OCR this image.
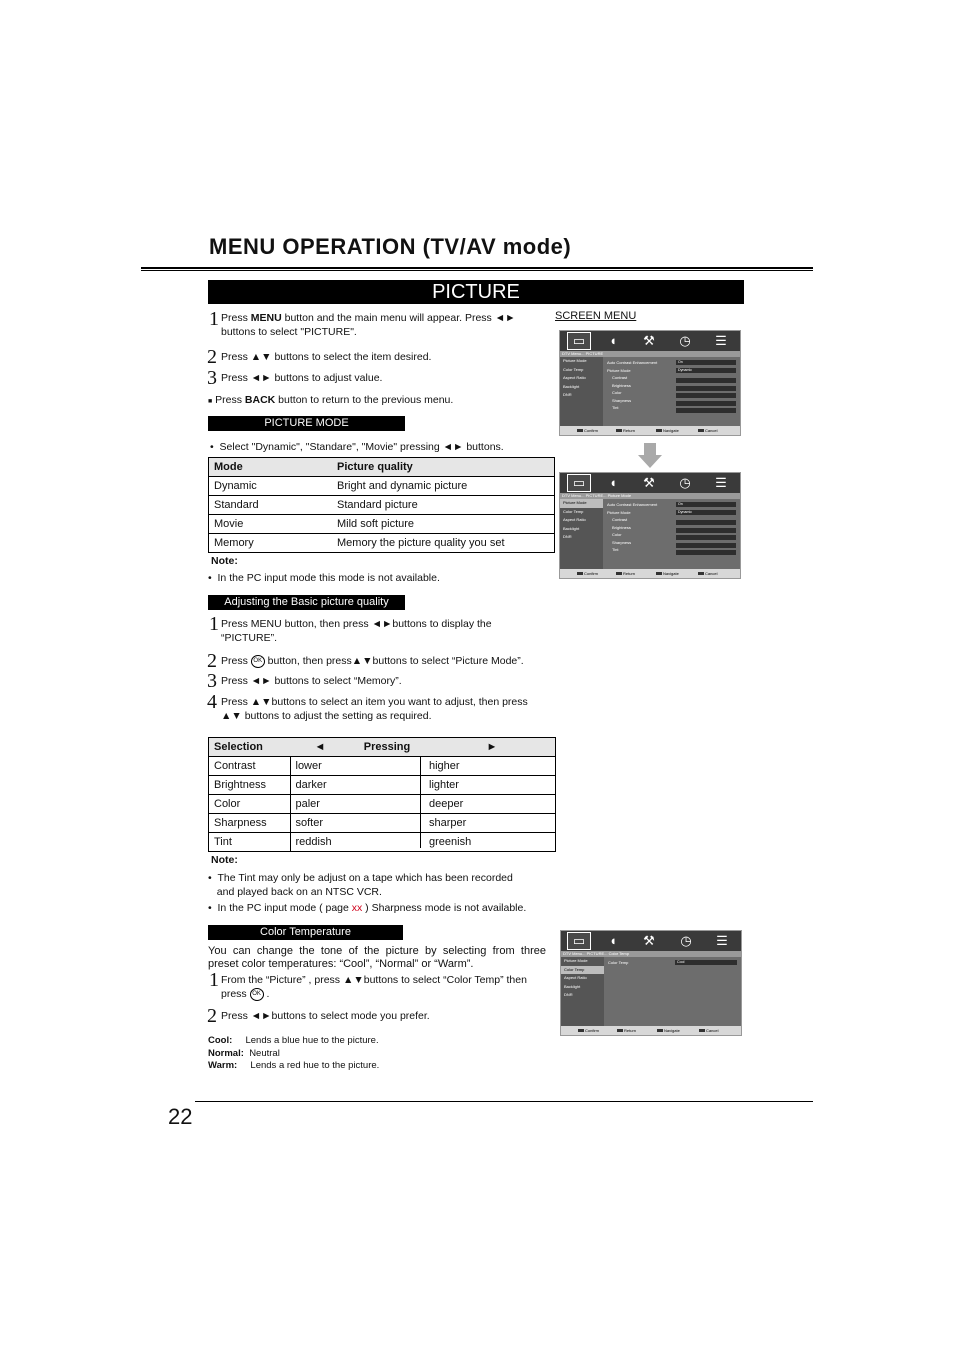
MENU OPERATION (TV/AV mode)
PICTURE
1 Press MENU button and the main menu will appear. Press ◄►
buttons to select "PICTURE".
2 Press ▲▼ buttons to select the item desired.
3 Press ◄► buttons to adjust value.
■ Press BACK button to return to the previous menu.
SCREEN MENU
PICTURE MODE
•  Select "Dynamic", "Standare", "Movie" pressing ◄► buttons.
Mode	Picture quality
Dynamic	Bright and dynamic picture
Standard	Standard picture
Movie	Mild soft picture
Memory	Memory the picture quality you set
Note:
•  In the PC input mode this mode is not available.
Adjusting the Basic picture quality
1 Press MENU button, then press ◄►buttons to display the
“PICTURE”.
2 Press OK button, then press▲▼buttons to select “Picture Mode”.
3 Press ◄► buttons to select “Memory”.
4 Press ▲▼buttons to select an item you want to adjust, then press
▲▼ buttons to adjust the setting as required.
Selection	◄	Pressing	►
Contrast	lower		higher
Brightness	darker		lighter
Color	paler		deeper
Sharpness	softer		sharper
Tint	reddish		greenish
Note:
•  The Tint may only be adjust on a tape which has been recorded
and played back on an NTSC VCR.
•  In the PC input mode ( page xx ) Sharpness mode is not available.
Color Temperature
You can change the tone of the picture by selecting from three
preset color temperatures: “Cool”, “Normal” or “Warm”.
1 From the “Picture” , press ▲▼buttons to select “Color Temp” then
press OK .
2 Press ◄►buttons to select mode you prefer.
Cool: Lends a blue hue to the picture.
Normal: Neutral
Warm: Lends a red hue to the picture.
▭	◖	⚒	◷	☰
DTV Menu... PICTURE
Picture Mode
Color Temp
Aspect Ratio
Backlight
DNR
Auto Contrast Enhancement
Picture Mode
Contrast
Brightness
Color
Sharpness
Tint
On
Dynamic
Confirm	Return	Navigate	Cancel
▭	◖	⚒	◷	☰
DTV Menu... PICTURE... Picture Mode
Picture Mode
Color Temp
Aspect Ratio
Backlight
DNR
Auto Contrast Enhancement
Picture Mode
Contrast
Brightness
Color
Sharpness
Tint
On
Dynamic
Confirm	Return	Navigate	Cancel
▭	◖	⚒	◷	☰
DTV Menu... PICTURE... Color Temp
Picture Mode
Color Temp
Aspect Ratio
Backlight
DNR
Color Temp	Cool
Confirm	Return	Navigate	Cancel
22
